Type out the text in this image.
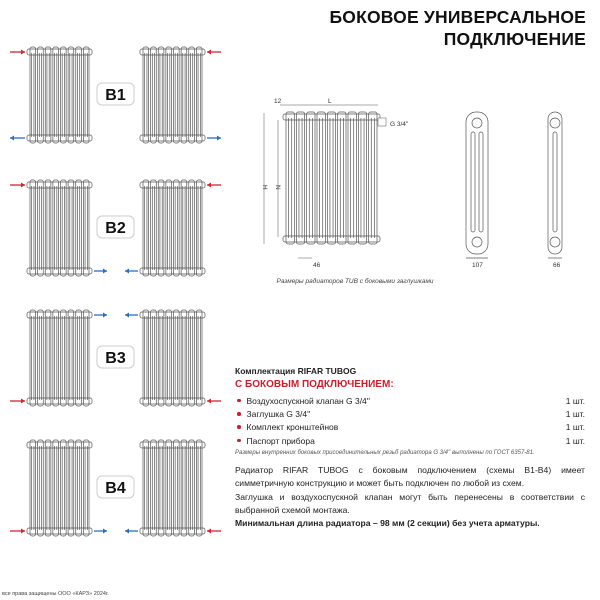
B1
B2
B3
B4
БОКОВОЕ УНИВЕРСАЛЬНОЕ
ПОДКЛЮЧЕНИЕ
12	L
G 3/4''
H N
46	107	66
Размеры радиаторов TUB с боковыми заглушками
Комплектация RIFAR TUBOG
С БОКОВЫМ ПОДКЛЮЧЕНИЕМ:
Воздухоспускной клапан G 3/4''	1 шт.
Заглушка G 3/4''	1 шт.
Комплект кронштейнов	1 шт.
Паспорт прибора	1 шт.
Размеры внутренних боковых присоединительных резьб радиатора G 3/4'' выполнены по ГОСТ 6357-81.

Радиатор RIFAR TUBOG с боковым подключением (схемы B1-B4) имеет симметричную конструкцию и может быть подключен по любой из схем.

Заглушка и воздухоспускной клапан могут быть перенесены в соответствии с выбранной схемой монтажа.

Минимальная длина радиатора – 98 мм (2 секции) без учета арматуры.
все права защищены ООО «КАРЗ» 2024г.
